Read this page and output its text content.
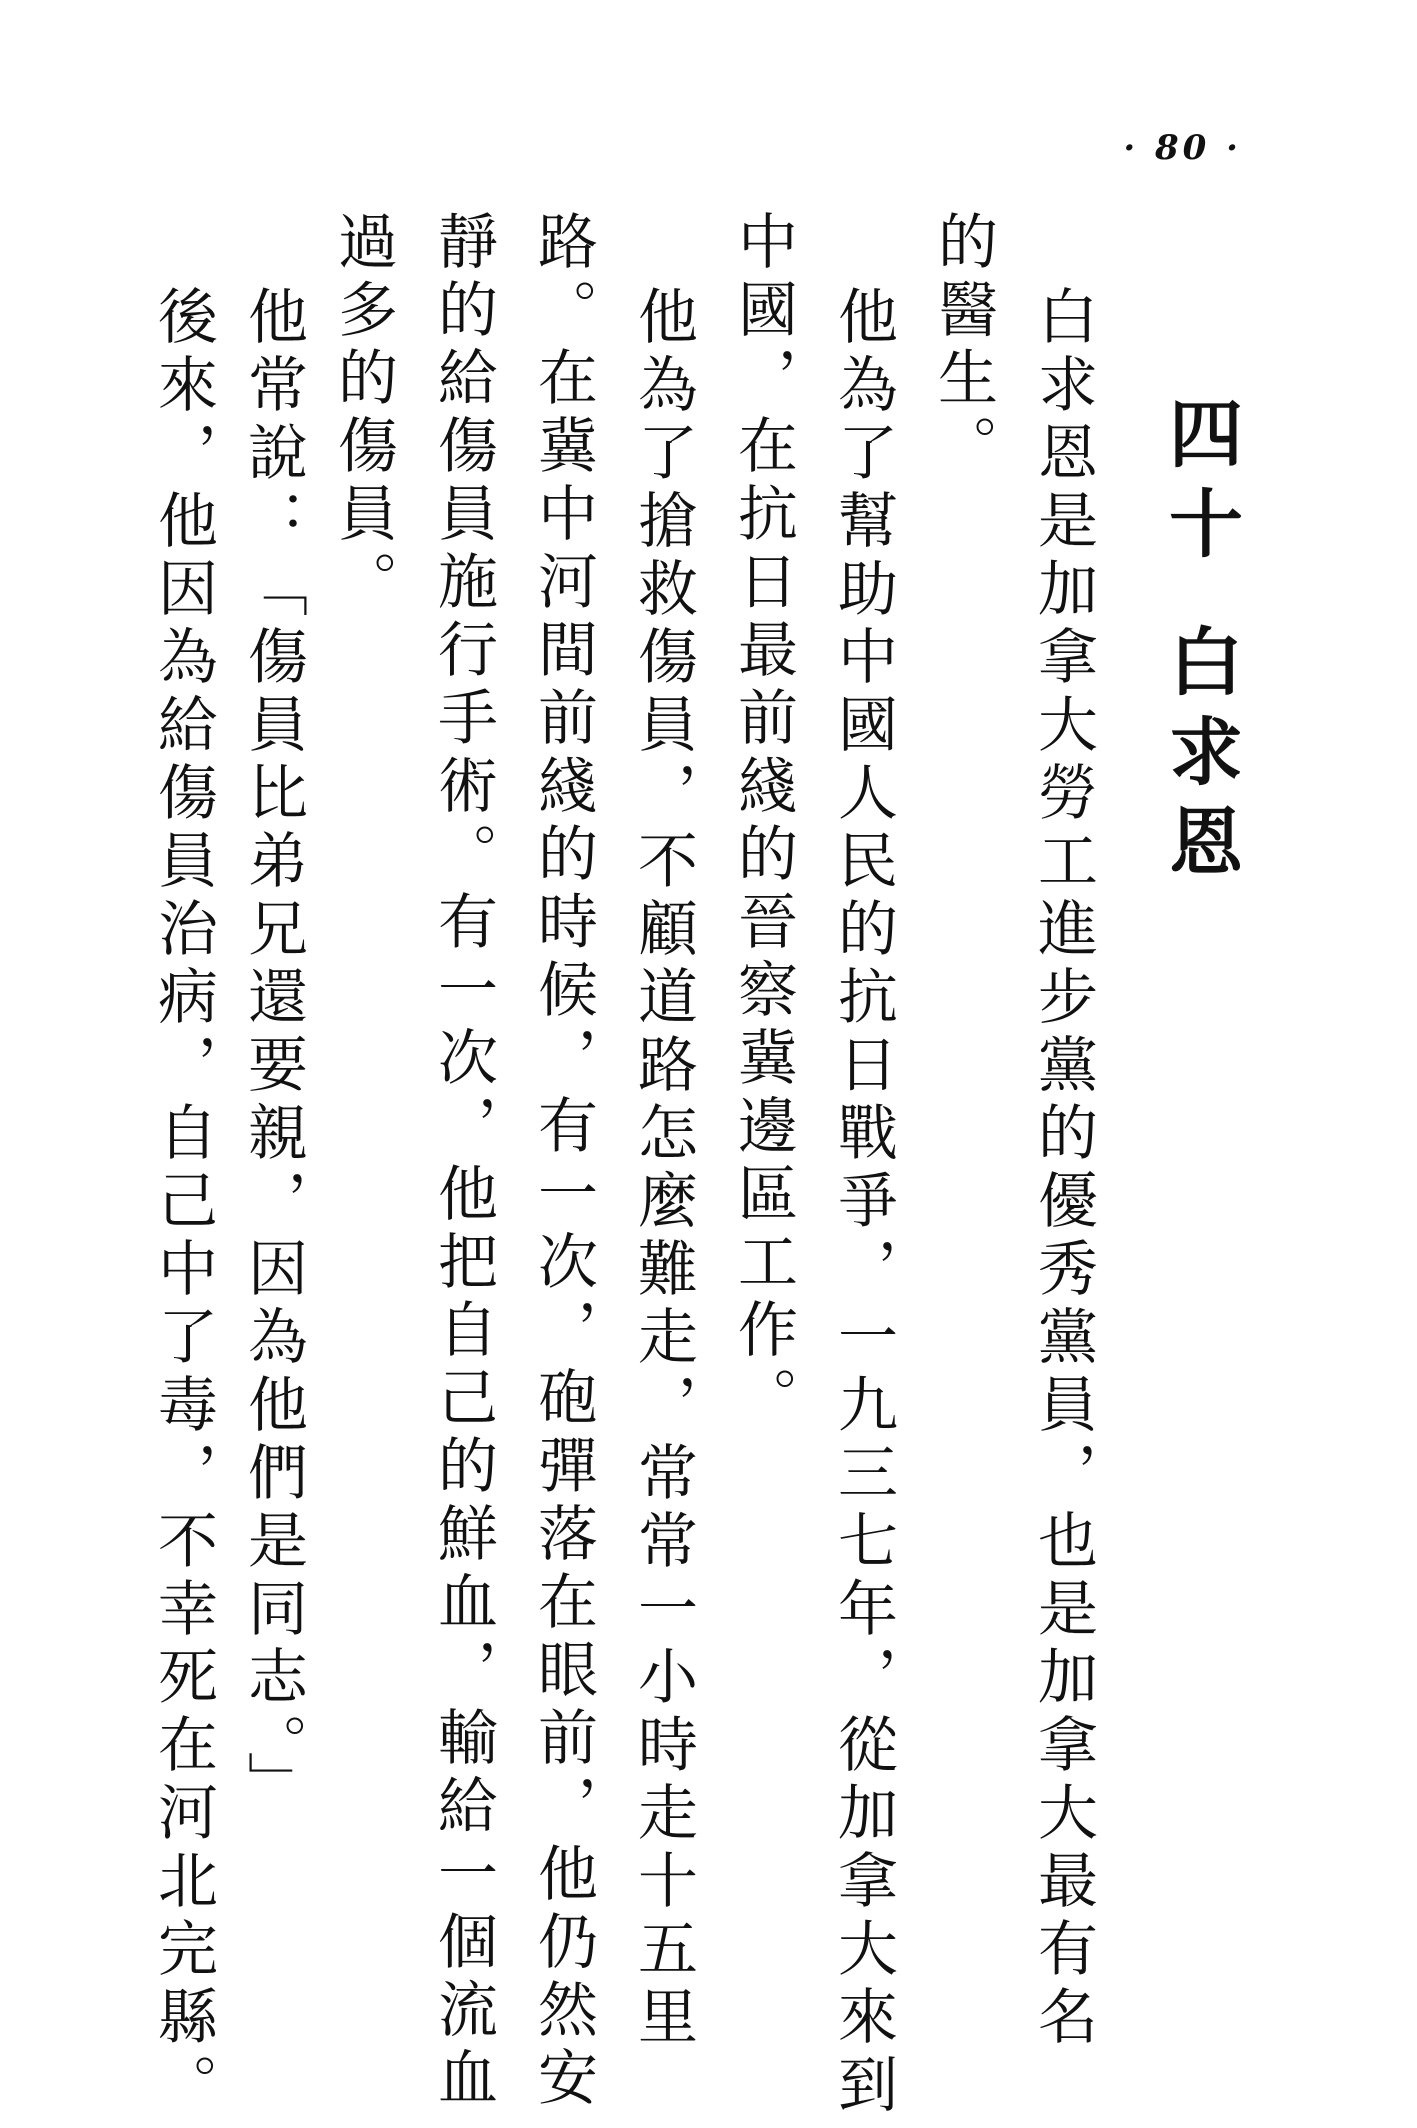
· 80 ·
四十白求恩
白求恩是加拿大勞工進步黨的優秀黨員，也是加拿大最有名
的醫生。
他為了幫助中國人民的抗日戰爭，一九三七年，從加拿大來到
中國，在抗日最前綫的晉察冀邊區工作。
他為了搶救傷員，不顧道路怎麼難走，常常一小時走十五里
路。在冀中河間前綫的時候，有一次，砲彈落在眼前，他仍然安
靜的給傷員施行手術。有一次，他把自己的鮮血，輸給一個流血
過多的傷員。
他常說：「傷員比弟兄還要親，因為他們是同志。」
後來，他因為給傷員治病，自己中了毒，不幸死在河北完縣。
